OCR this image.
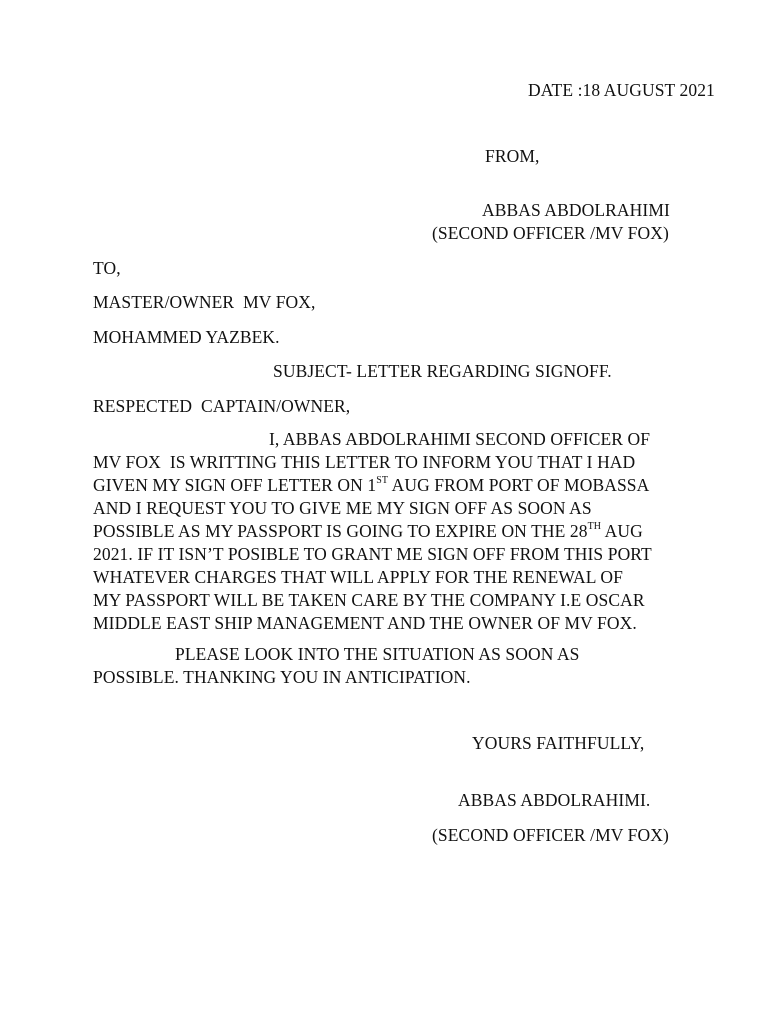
DATE :18 AUGUST 2021
FROM,
ABBAS ABDOLRAHIMI
(SECOND OFFICER /MV FOX)
TO,
MASTER/OWNER  MV FOX,
MOHAMMED YAZBEK.
SUBJECT- LETTER REGARDING SIGNOFF.
RESPECTED  CAPTAIN/OWNER,
I, ABBAS ABDOLRAHIMI SECOND OFFICER OF
MV FOX  IS WRITTING THIS LETTER TO INFORM YOU THAT I HAD
GIVEN MY SIGN OFF LETTER ON 1ST AUG FROM PORT OF MOBASSA
AND I REQUEST YOU TO GIVE ME MY SIGN OFF AS SOON AS
POSSIBLE AS MY PASSPORT IS GOING TO EXPIRE ON THE 28TH AUG
2021. IF IT ISN’T POSIBLE TO GRANT ME SIGN OFF FROM THIS PORT
WHATEVER CHARGES THAT WILL APPLY FOR THE RENEWAL OF
MY PASSPORT WILL BE TAKEN CARE BY THE COMPANY I.E OSCAR
MIDDLE EAST SHIP MANAGEMENT AND THE OWNER OF MV FOX.
PLEASE LOOK INTO THE SITUATION AS SOON AS
POSSIBLE. THANKING YOU IN ANTICIPATION.
YOURS FAITHFULLY,
ABBAS ABDOLRAHIMI.
(SECOND OFFICER /MV FOX)
